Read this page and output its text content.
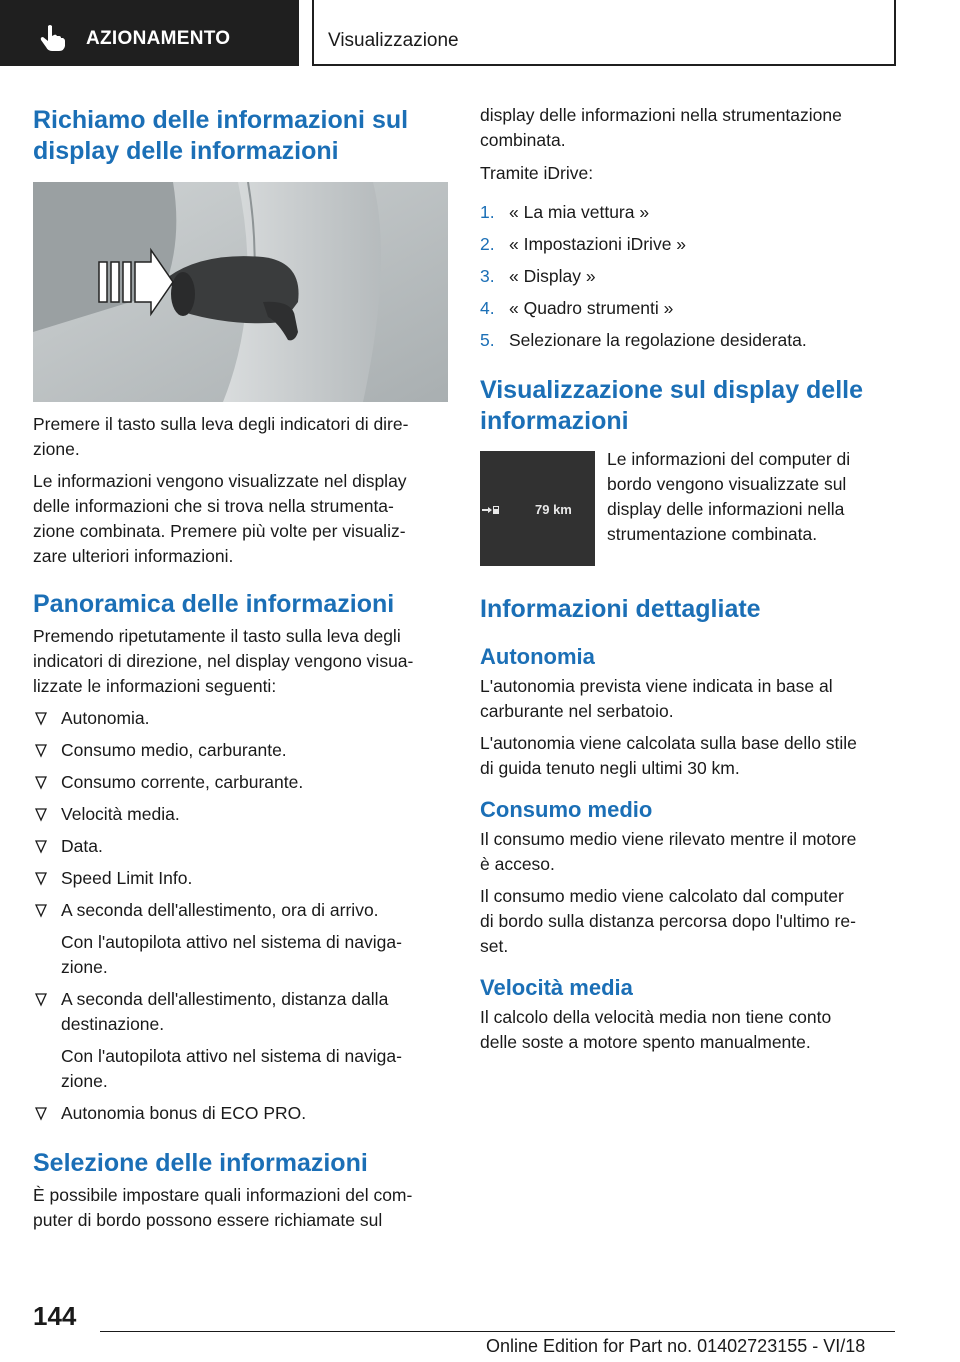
AZIONAMENTO	Visualizzazione
Richiamo delle informazioni sul
display delle informazioni
Premere il tasto sulla leva degli indicatori di dire-
zione.
Le informazioni vengono visualizzate nel display
delle informazioni che si trova nella strumenta-
zione combinata. Premere più volte per visualiz-
zare ulteriori informazioni.
Panoramica delle informazioni
Premendo ripetutamente il tasto sulla leva degli
indicatori di direzione, nel display vengono visua-
lizzate le informazioni seguenti:
Autonomia.
Consumo medio, carburante.
Consumo corrente, carburante.
Velocità media.
Data.
Speed Limit Info.
A seconda dell'allestimento, ora di arrivo.
Con l'autopilota attivo nel sistema di naviga-
zione.
A seconda dell'allestimento, distanza dalla
destinazione.
Con l'autopilota attivo nel sistema di naviga-
zione.
Autonomia bonus di ECO PRO.
Selezione delle informazioni
È possibile impostare quali informazioni del com-
puter di bordo possono essere richiamate sul
display delle informazioni nella strumentazione
combinata.
Tramite iDrive:
1. « La mia vettura »
2. « Impostazioni iDrive »
3. « Display »
4. « Quadro strumenti »
5. Selezionare la regolazione desiderata.
Visualizzazione sul display delle
informazioni
79 km
Le informazioni del computer di
bordo vengono visualizzate sul
display delle informazioni nella
strumentazione combinata.
Informazioni dettagliate
Autonomia
L'autonomia prevista viene indicata in base al
carburante nel serbatoio.
L'autonomia viene calcolata sulla base dello stile
di guida tenuto negli ultimi 30 km.
Consumo medio
Il consumo medio viene rilevato mentre il motore
è acceso.
Il consumo medio viene calcolato dal computer
di bordo sulla distanza percorsa dopo l'ultimo re-
set.
Velocità media
Il calcolo della velocità media non tiene conto
delle soste a motore spento manualmente.
144
Online Edition for Part no. 01402723155 - VI/18
